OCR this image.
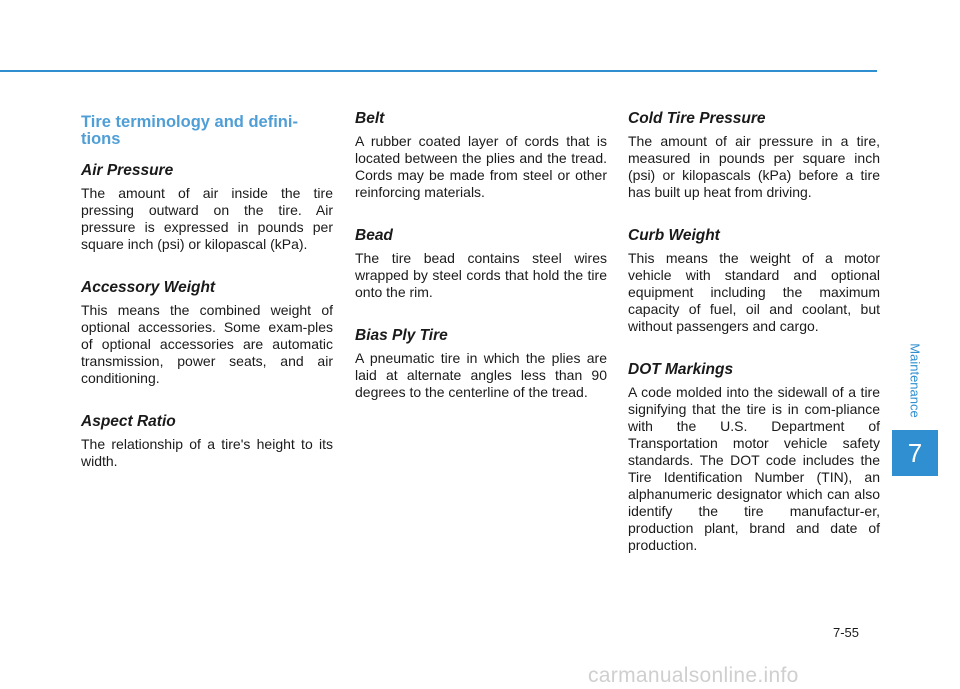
Tire terminology and defini-
tions
Air Pressure

The amount of air inside the tire pressing outward on the tire. Air pressure is expressed in pounds per square inch (psi) or kilopascal (kPa).

Accessory Weight

This means the combined weight of optional accessories. Some exam-ples of optional accessories are automatic transmission, power seats, and air conditioning.

Aspect Ratio

The relationship of a tire's height to its width.

Belt

A rubber coated layer of cords that is located between the plies and the tread. Cords may be made from steel or other reinforcing materials.

Bead

The tire bead contains steel wires wrapped by steel cords that hold the tire onto the rim.

Bias Ply Tire

A pneumatic tire in which the plies are laid at alternate angles less than 90 degrees to the centerline of the tread.

Cold Tire Pressure

The amount of air pressure in a tire, measured in pounds per square inch (psi) or kilopascals (kPa) before a tire has built up heat from driving.

Curb Weight

This means the weight of a motor vehicle with standard and optional equipment including the maximum capacity of fuel, oil and coolant, but without passengers and cargo.

DOT Markings

A code molded into the sidewall of a tire signifying that the tire is in com-pliance with the U.S. Department of Transportation motor vehicle safety standards. The DOT code includes the Tire Identification Number (TIN), an alphanumeric designator which can also identify the tire manufactur-er, production plant, brand and date of production.

Maintenance
7
7-55
carmanualsonline.info
